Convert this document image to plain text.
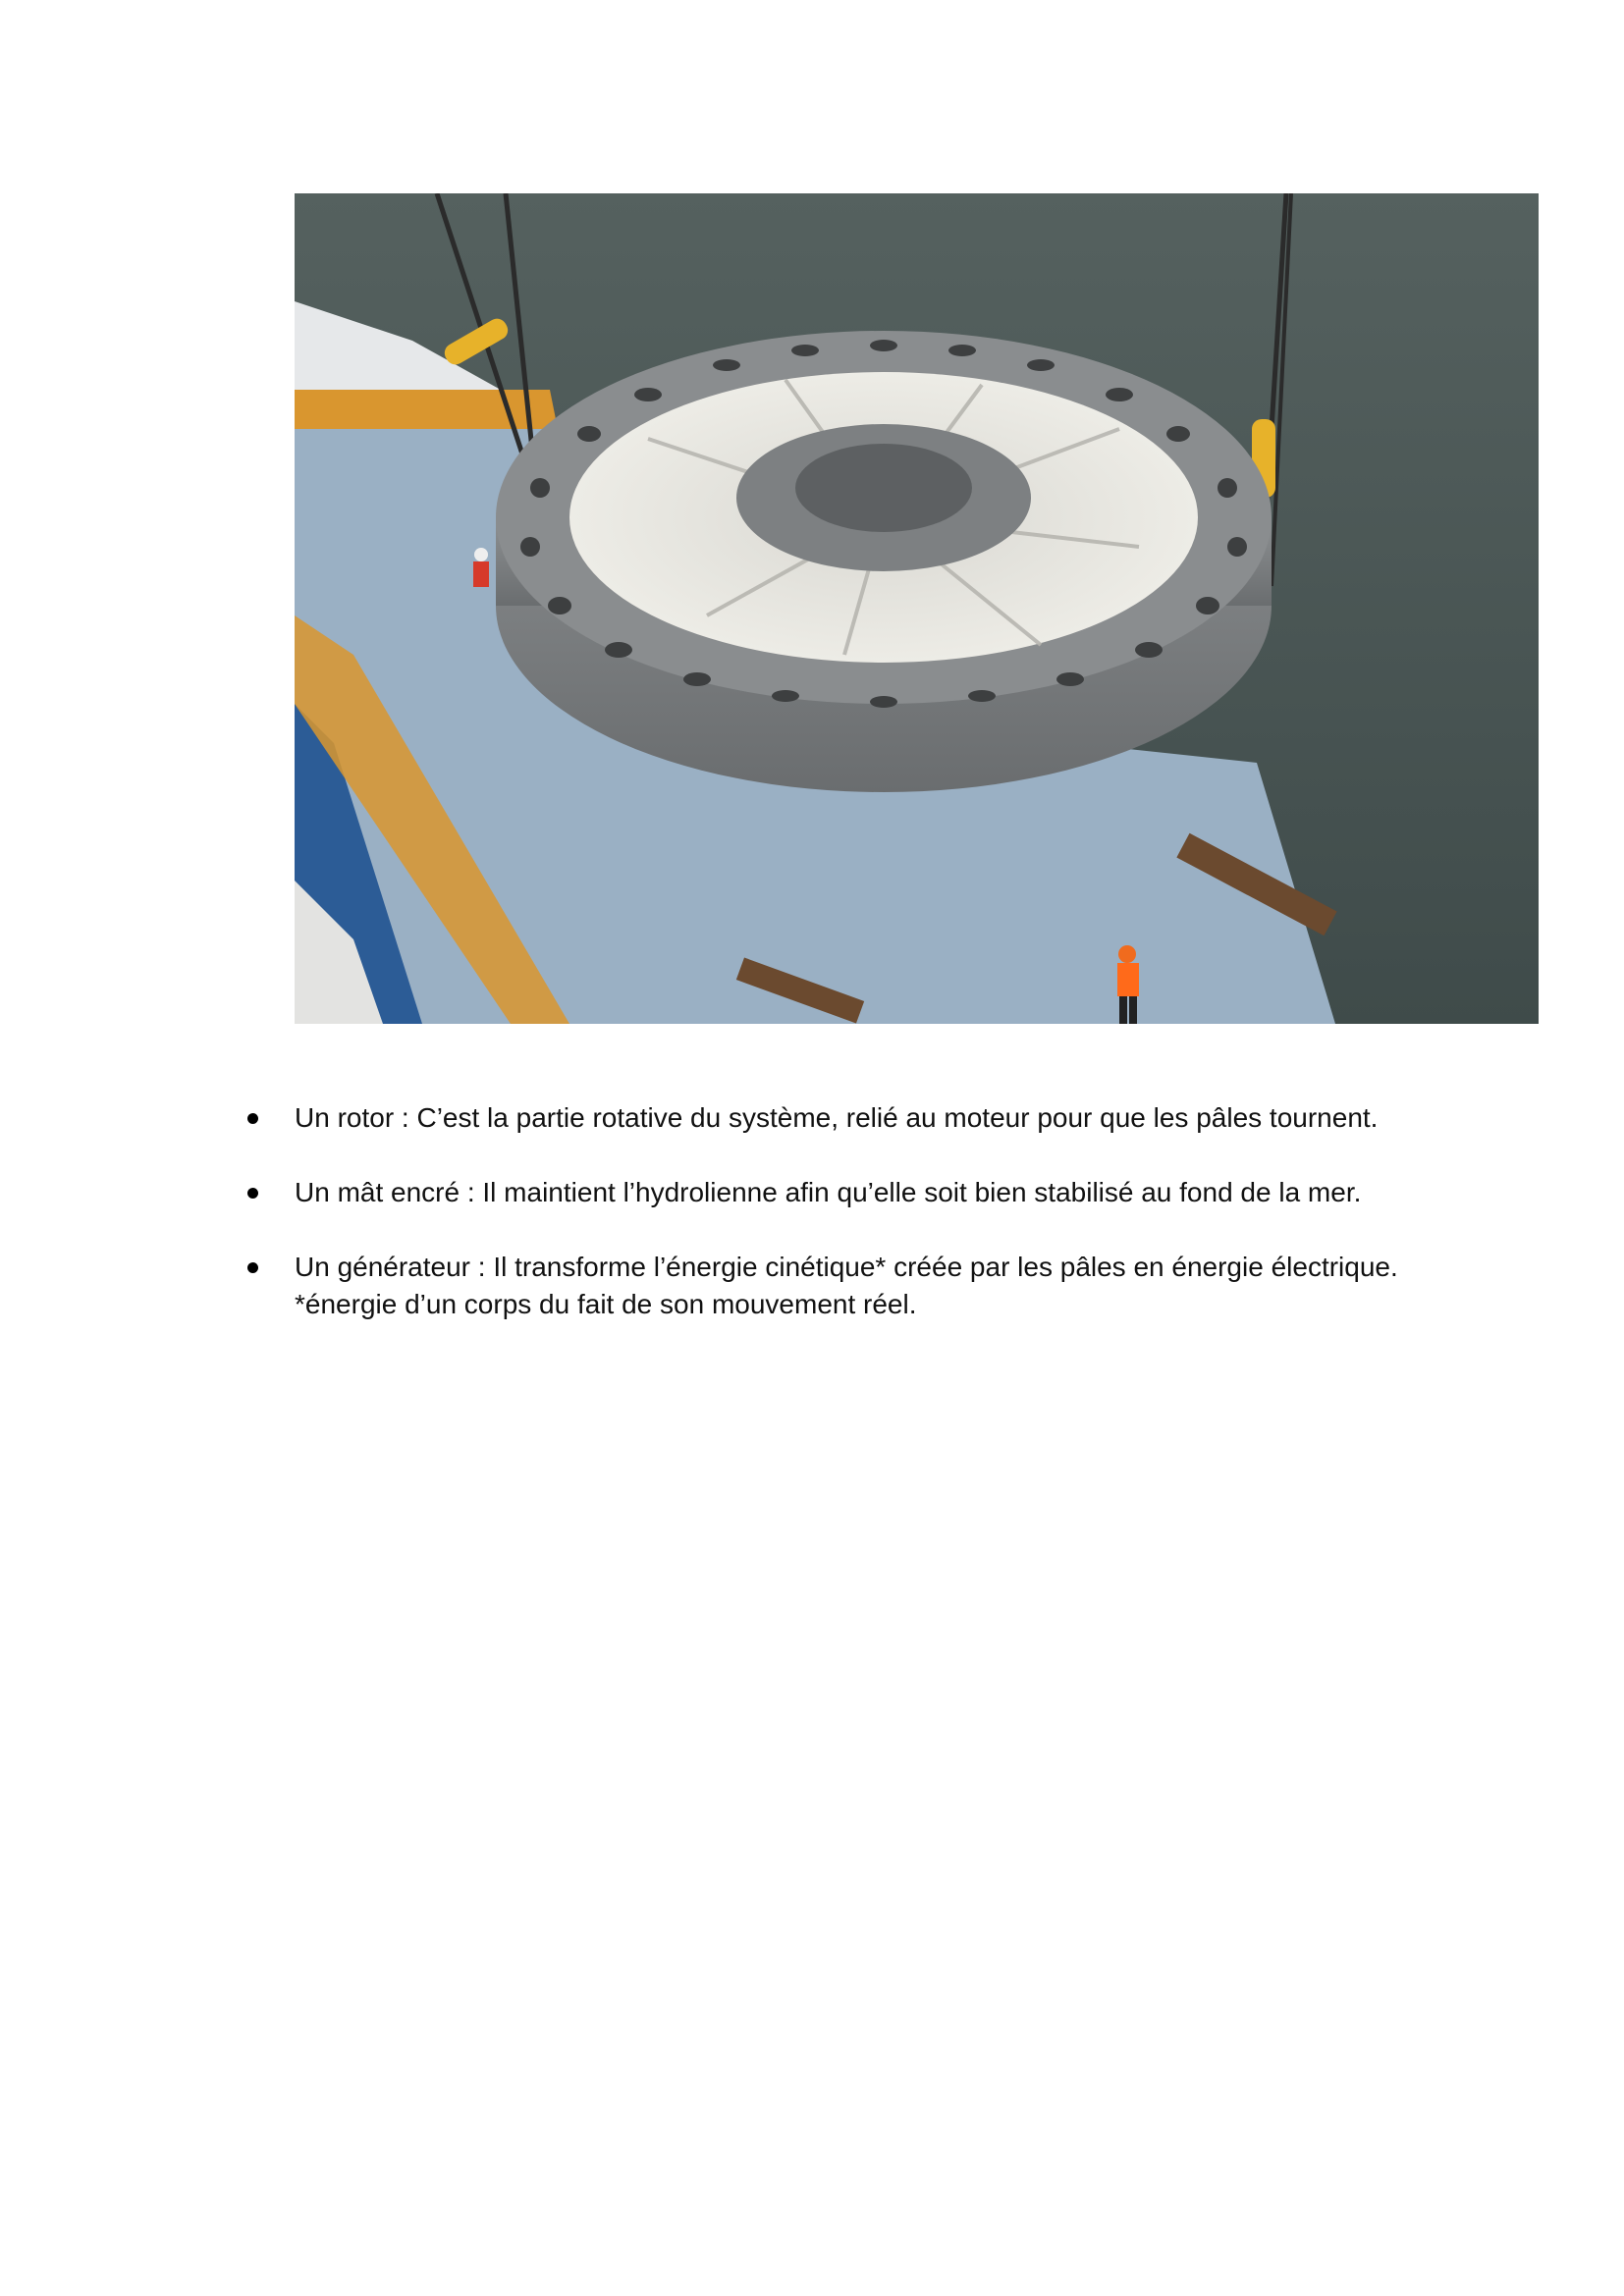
Un rotor : C’est la partie rotative du système, relié au moteur pour que les pâles tournent.
Un mât encré : Il maintient l’hydrolienne afin qu’elle soit bien stabilisé au fond de la mer.
Un générateur : Il transforme l’énergie cinétique* créée par les pâles en énergie électrique.
*énergie d’un corps du fait de son mouvement réel.
